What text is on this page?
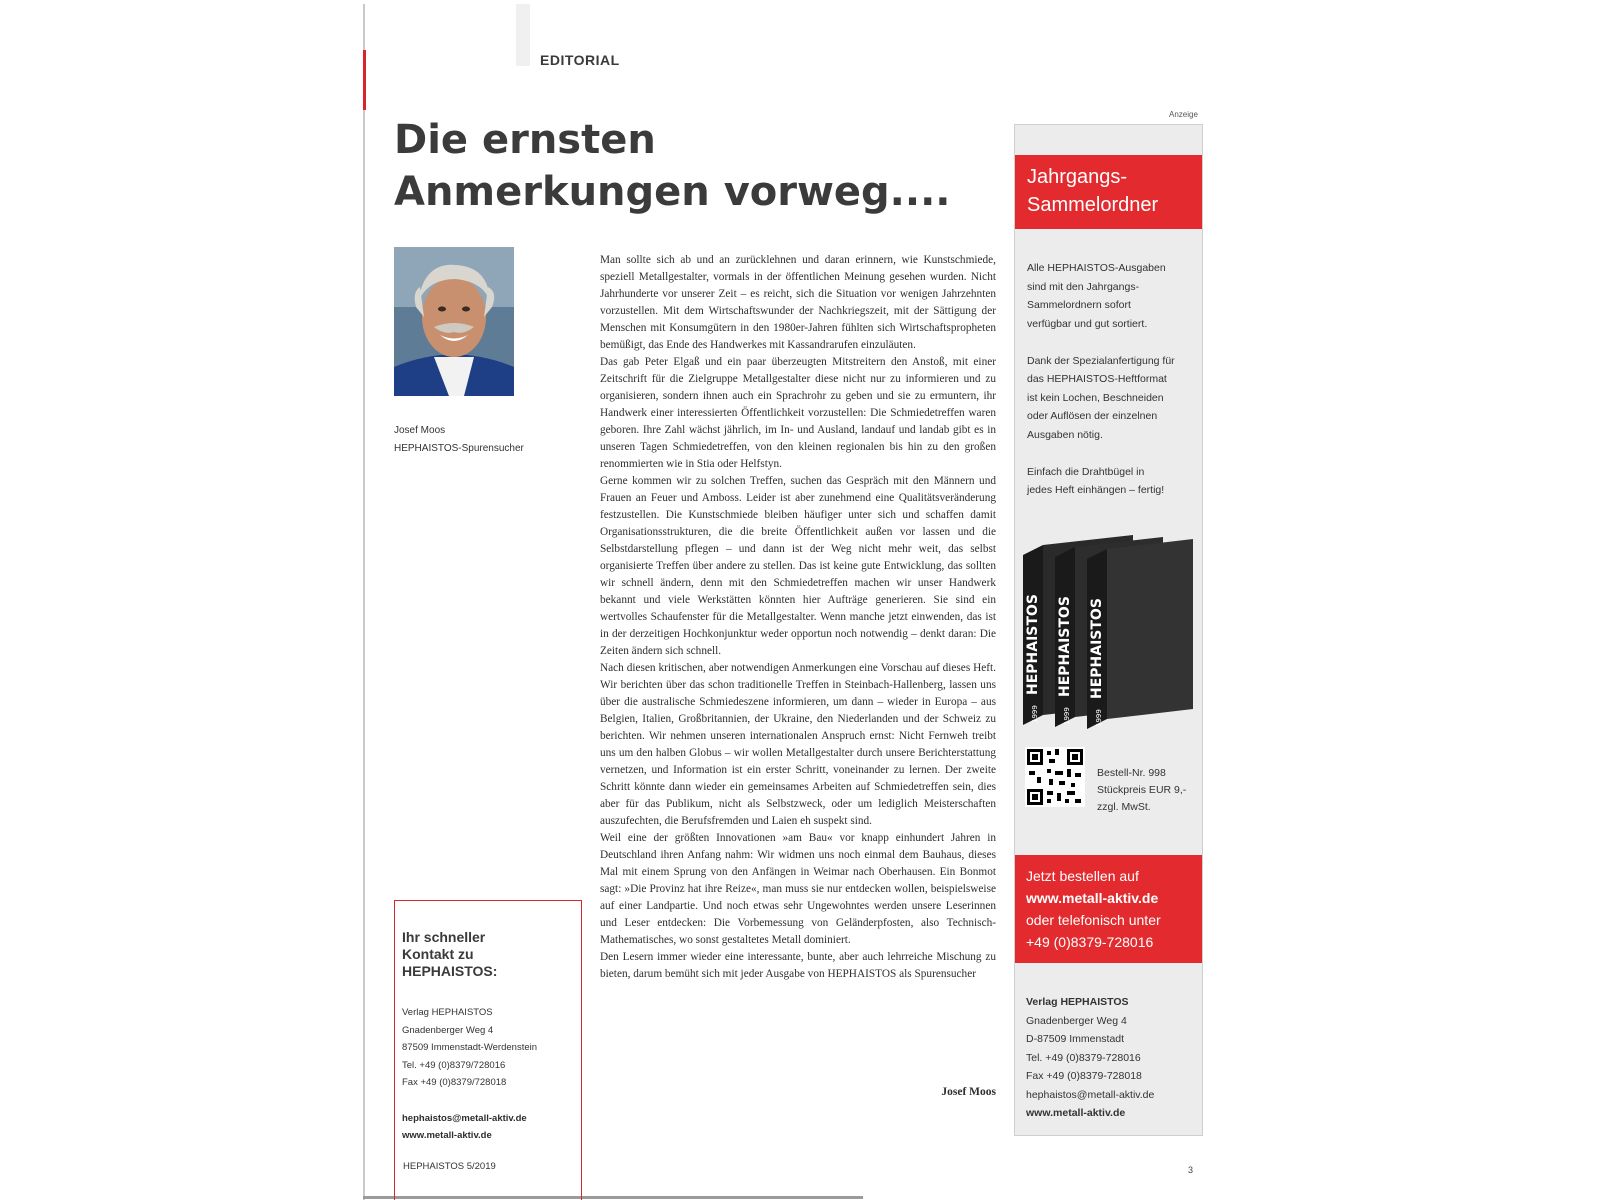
EDITORIAL
Die ernsten
Anmerkungen vorweg....
Josef Moos
HEPHAISTOS-Spurensucher

Man sollte sich ab und an zurücklehnen und daran erinnern, wie Kunstschmiede, speziell Metallgestalter, vormals in der öffentlichen Meinung gesehen wurden. Nicht Jahrhunderte vor unserer Zeit – es reicht, sich die Situation vor wenigen Jahrzehnten vorzustellen. Mit dem Wirtschaftswunder der Nachkriegszeit, mit der Sättigung der Menschen mit Konsumgütern in den 1980er-Jahren fühlten sich Wirtschaftspropheten bemüßigt, das Ende des Handwerkes mit Kassandrarufen einzuläuten.

Das gab Peter Elgaß und ein paar überzeugten Mitstreitern den Anstoß, mit einer Zeitschrift für die Zielgruppe Metallgestalter diese nicht nur zu informieren und zu organisieren, sondern ihnen auch ein Sprachrohr zu geben und sie zu ermuntern, ihr Handwerk einer interessierten Öffentlichkeit vorzustellen: Die Schmiedetreffen waren geboren. Ihre Zahl wächst jährlich, im In- und Ausland, landauf und landab gibt es in unseren Tagen Schmiedetreffen, von den kleinen regionalen bis hin zu den großen renommierten wie in Stia oder Helfstyn.

Gerne kommen wir zu solchen Treffen, suchen das Gespräch mit den Männern und Frauen an Feuer und Amboss. Leider ist aber zunehmend eine Qualitätsveränderung festzustellen. Die Kunstschmiede bleiben häufiger unter sich und schaffen damit Organisationsstrukturen, die die breite Öffentlichkeit außen vor lassen und die Selbstdarstellung pflegen – und dann ist der Weg nicht mehr weit, das selbst organisierte Treffen über andere zu stellen. Das ist keine gute Entwicklung, das sollten wir schnell ändern, denn mit den Schmiedetreffen machen wir unser Handwerk bekannt und viele Werkstätten könnten hier Aufträge generieren. Sie sind ein wertvolles Schaufenster für die Metallgestalter. Wenn manche jetzt einwenden, das ist in der derzeitigen Hochkonjunktur weder opportun noch notwendig – denkt daran: Die Zeiten ändern sich schnell.

Nach diesen kritischen, aber notwendigen Anmerkungen eine Vorschau auf dieses Heft. Wir berichten über das schon traditionelle Treffen in Steinbach-Hallenberg, lassen uns über die australische Schmiedeszene informieren, um dann – wieder in Europa – aus Belgien, Italien, Großbritannien, der Ukraine, den Niederlanden und der Schweiz zu berichten. Wir nehmen unseren internationalen Anspruch ernst: Nicht Fernweh treibt uns um den halben Globus – wir wollen Metallgestalter durch unsere Berichterstattung vernetzen, und Information ist ein erster Schritt, voneinander zu lernen. Der zweite Schritt könnte dann wieder ein gemeinsames Arbeiten auf Schmiedetreffen sein, dies aber für das Publikum, nicht als Selbstzweck, oder um lediglich Meisterschaften auszufechten, die Berufsfremden und Laien eh suspekt sind.

Weil eine der größten Innovationen »am Bau« vor knapp einhundert Jahren in Deutschland ihren Anfang nahm: Wir widmen uns noch einmal dem Bauhaus, dieses Mal mit einem Sprung von den Anfängen in Weimar nach Oberhausen. Ein Bonmot sagt: »Die Provinz hat ihre Reize«, man muss sie nur entdecken wollen, beispielsweise auf einer Landpartie. Und noch etwas sehr Ungewohntes werden unsere Leserinnen und Leser entdecken: Die Vorbemessung von Geländerpfosten, also Technisch-Mathematisches, wo sonst gestaltetes Metall dominiert.

Den Lesern immer wieder eine interessante, bunte, aber auch lehrreiche Mischung zu bieten, darum bemüht sich mit jeder Ausgabe von HEPHAISTOS als Spurensucher

Josef Moos
Ihr schneller
Kontakt zu
HEPHAISTOS:
Verlag HEPHAISTOS
Gnadenberger Weg 4
87509 Immenstadt-Werdenstein
Tel. +49 (0)8379/728016
Fax +49 (0)8379/728018
hephaistos@metall-aktiv.de
www.metall-aktiv.de
HEPHAISTOS 5/2019
Anzeige
Jahrgangs-
Sammelordner

Alle HEPHAISTOS-Ausgaben
sind mit den Jahrgangs-
Sammelordnern sofort
verfügbar und gut sortiert.

Dank der Spezialanfertigung für
das HEPHAISTOS-Heftformat
ist kein Lochen, Beschneiden
oder Auflösen der einzelnen
Ausgaben nötig.

Einfach die Drahtbügel in
jedes Heft einhängen – fertig!

HEPHAISTOS HEPHAISTOS HEPHAISTOS
1999	1999	1999
Bestell-Nr. 998
Stückpreis EUR 9,-
zzgl. MwSt.
Jetzt bestellen auf
www.metall-aktiv.de
oder telefonisch unter
+49 (0)8379-728016
Verlag HEPHAISTOS
Gnadenberger Weg 4
D-87509 Immenstadt
Tel. +49 (0)8379-728016
Fax +49 (0)8379-728018
hephaistos@metall-aktiv.de
www.metall-aktiv.de
3
